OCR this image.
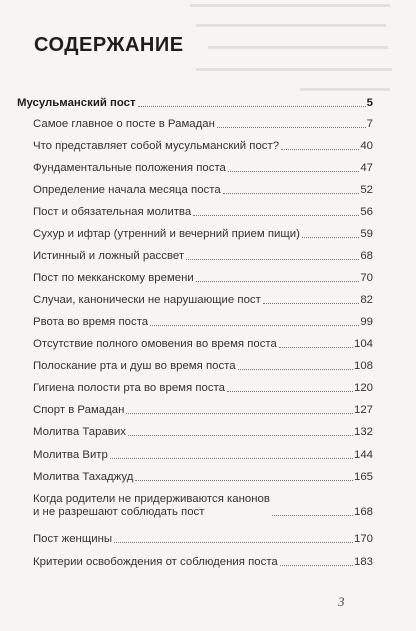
СОДЕРЖАНИЕ
Мусульманский пост	5
Самое главное о посте в Рамадан	7
Что представляет собой мусульманский пост?	40
Фундаментальные положения поста	47
Определение начала месяца поста	52
Пост и обязательная молитва	56
Сухур и ифтар (утренний и вечерний прием пищи)	59
Истинный и ложный рассвет	68
Пост по мекканскому времени	70
Случаи, канонически не нарушающие пост	82
Рвота во время поста	99
Отсутствие полного омовения во время поста	104
Полоскание рта и душ во время поста	108
Гигиена полости рта во время поста	120
Спорт в Рамадан	127
Молитва Таравих	132
Молитва Витр	144
Молитва Тахаджуд	165
Когда родители не придерживаются канонов
и не разрешают соблюдать пост	168
Пост женщины	170
Критерии освобождения от соблюдения поста	183
3
